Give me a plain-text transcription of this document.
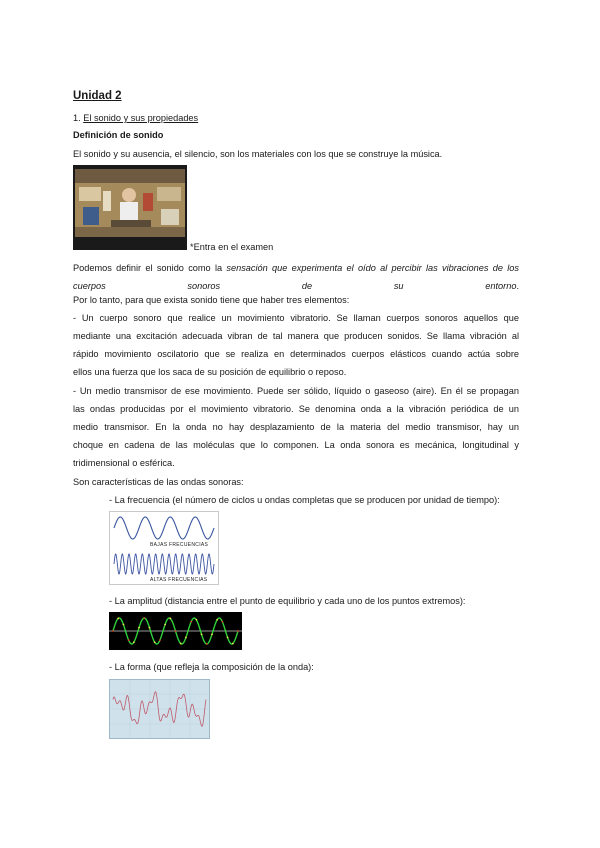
Unidad 2
1. El sonido y sus propiedades
Definición de sonido
El sonido y su ausencia, el silencio, son los materiales con los que se construye la música.
*Entra en el examen
Podemos definir el sonido como la sensación que experimenta el oído al percibir las vibraciones de los cuerpos sonoros de su entorno.
Por lo tanto, para que exista sonido tiene que haber tres elementos:
- Un cuerpo sonoro que realice un movimiento vibratorio. Se llaman cuerpos sonoros aquellos que
mediante una excitación adecuada vibran de tal manera que producen sonidos. Se llama vibración al
rápido movimiento oscilatorio que se realiza en determinados cuerpos elásticos cuando actúa sobre
ellos una fuerza que los saca de su posición de equilibrio o reposo.
- Un medio transmisor de ese movimiento. Puede ser sólido, líquido o gaseoso (aire). En él se propagan
las ondas producidas por el movimiento vibratorio. Se denomina onda a la vibración periódica de un
medio transmisor. En la onda no hay desplazamiento de la materia del medio transmisor, hay un
choque en cadena de las moléculas que lo componen. La onda sonora es mecánica, longitudinal y
tridimensional o esférica.
Son características de las ondas sonoras:
- La frecuencia (el número de ciclos u ondas completas que se producen por unidad de tiempo):
BAJAS FRECUENCIAS
ALTAS FRECUENCIAS
- La amplitud (distancia entre el punto de equilibrio y cada uno de los puntos extremos):
- La forma (que refleja la composición de la onda):
